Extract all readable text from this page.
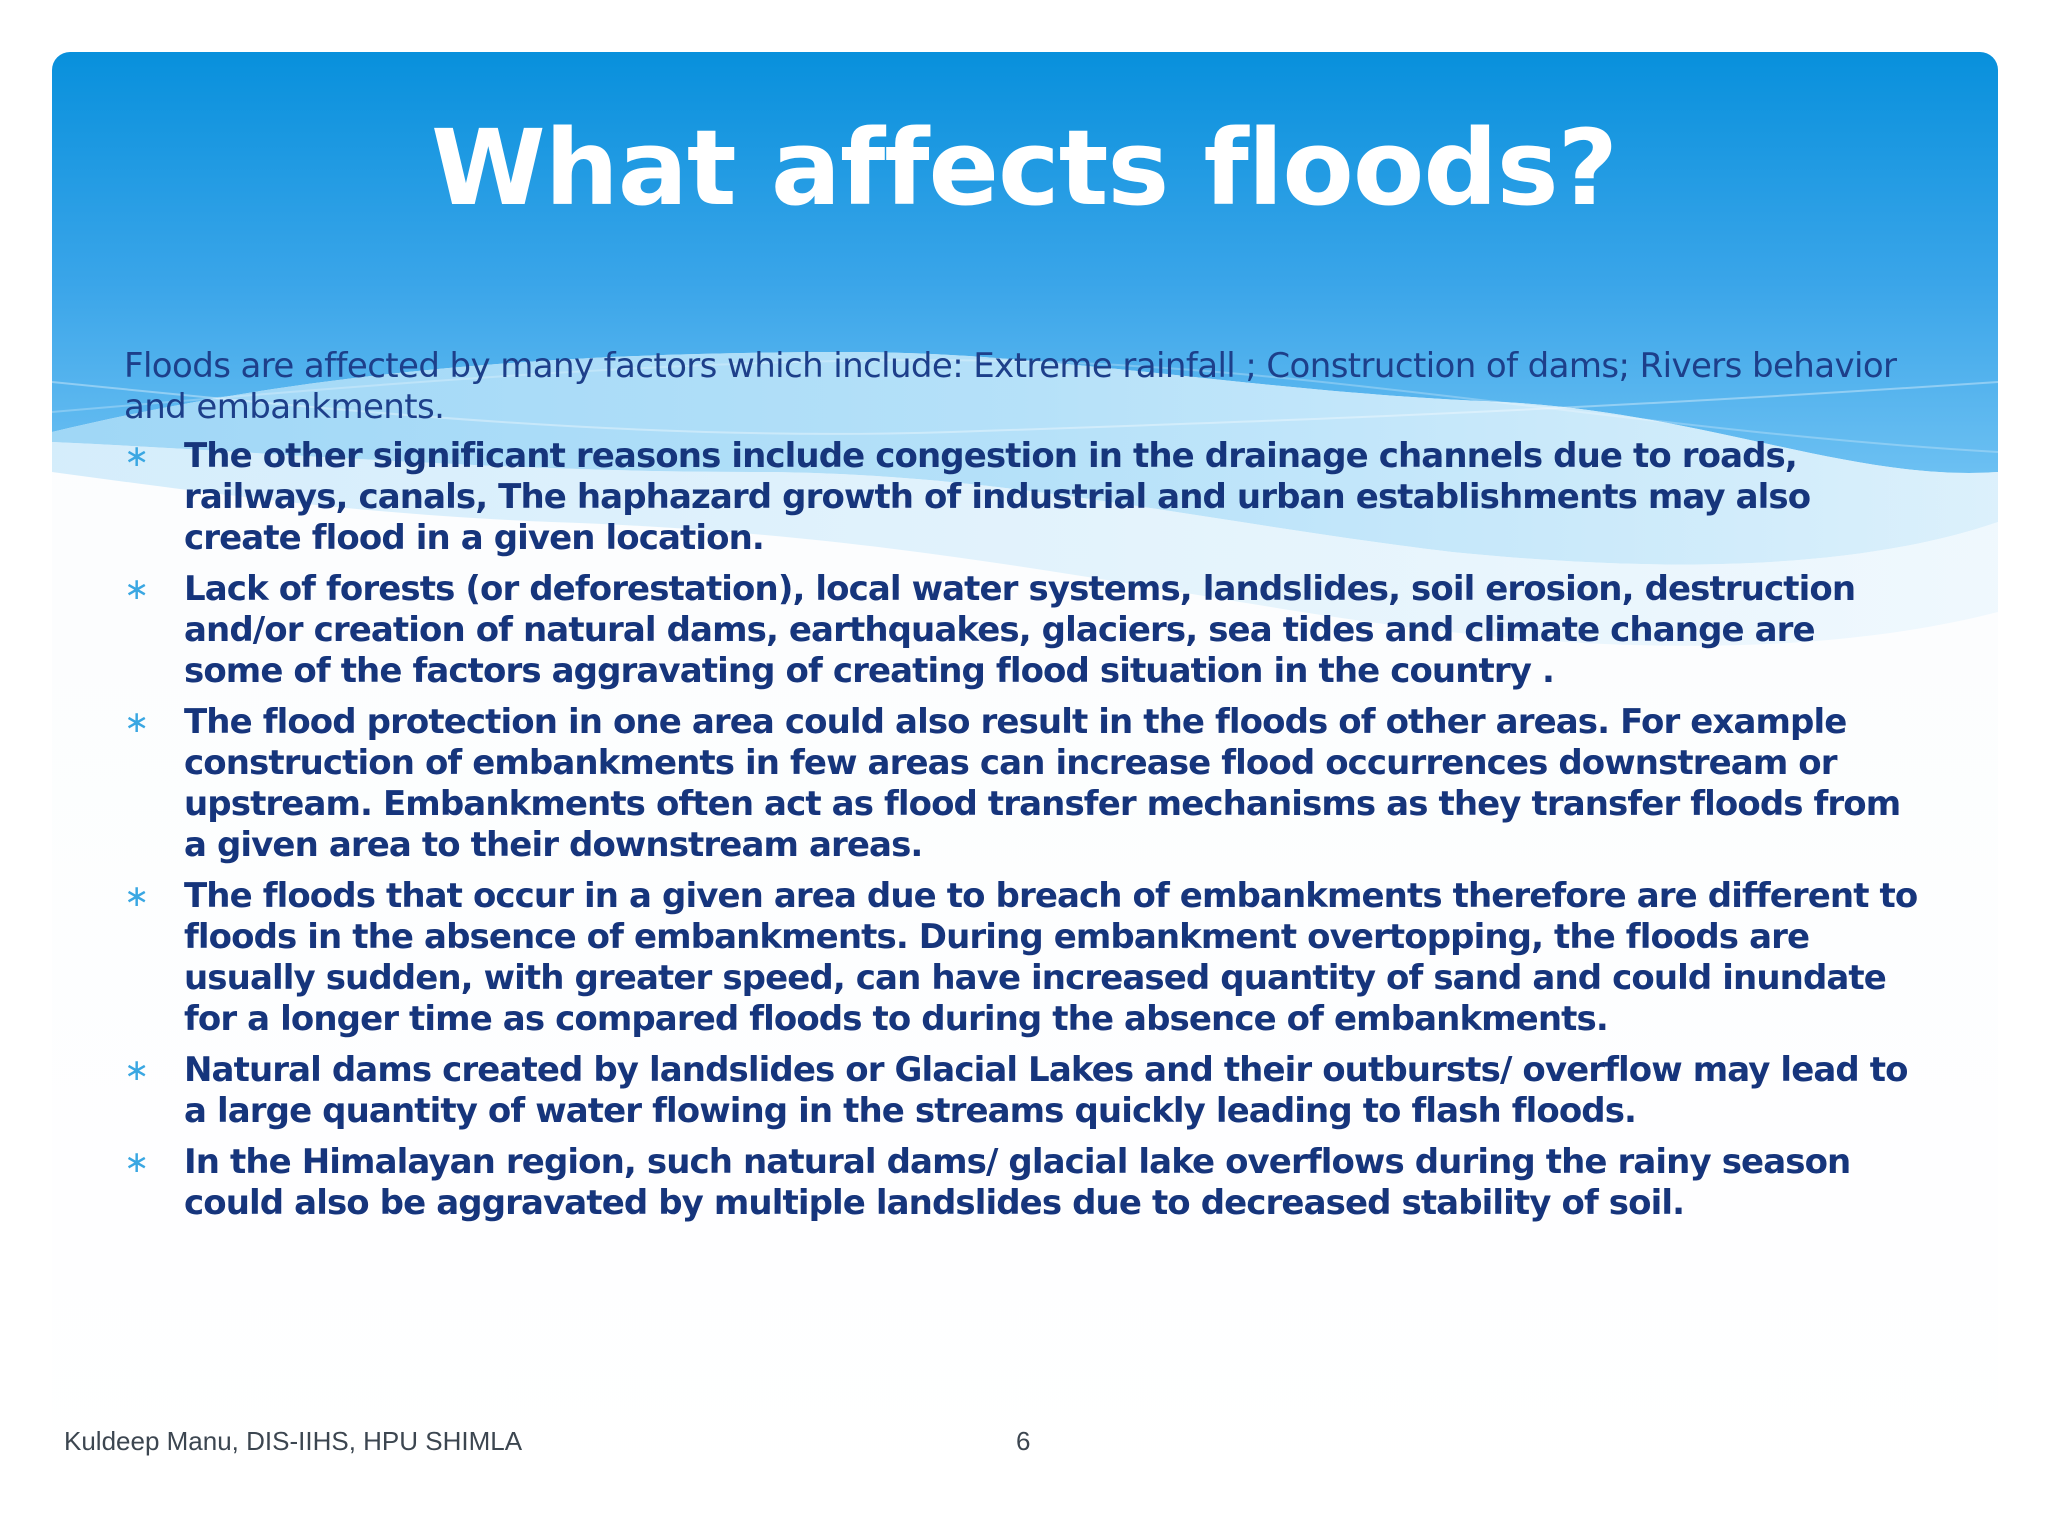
What affects floods?

Floods are affected by many factors which include: Extreme rainfall ; Construction of dams; Rivers behavior and embankments.

∗ The other significant reasons include congestion in the drainage channels due to roads, railways, canals, The haphazard growth of industrial and urban establishments may also create flood in a given location.
∗ Lack of forests (or deforestation), local water systems, landslides, soil erosion, destruction and/or creation of natural dams, earthquakes, glaciers, sea tides and climate change are some of the factors aggravating of creating flood situation in the country .
∗ The flood protection in one area could also result in the floods of other areas. For example construction of embankments in few areas can increase flood occurrences downstream or upstream. Embankments often act as flood transfer mechanisms as they transfer floods from a given area to their downstream areas.
∗ The floods that occur in a given area due to breach of embankments therefore are different to floods in the absence of embankments. During embankment overtopping, the floods are usually sudden, with greater speed, can have increased quantity of sand and could inundate for a longer time as compared floods to during the absence of embankments.
∗ Natural dams created by landslides or Glacial Lakes and their outbursts/ overflow may lead to a large quantity of water flowing in the streams quickly leading to flash floods.
∗ In the Himalayan region, such natural dams/ glacial lake overflows during the rainy season could also be aggravated by multiple landslides due to decreased stability of soil.
Kuldeep Manu, DIS-IIHS, HPU SHIMLA	6
